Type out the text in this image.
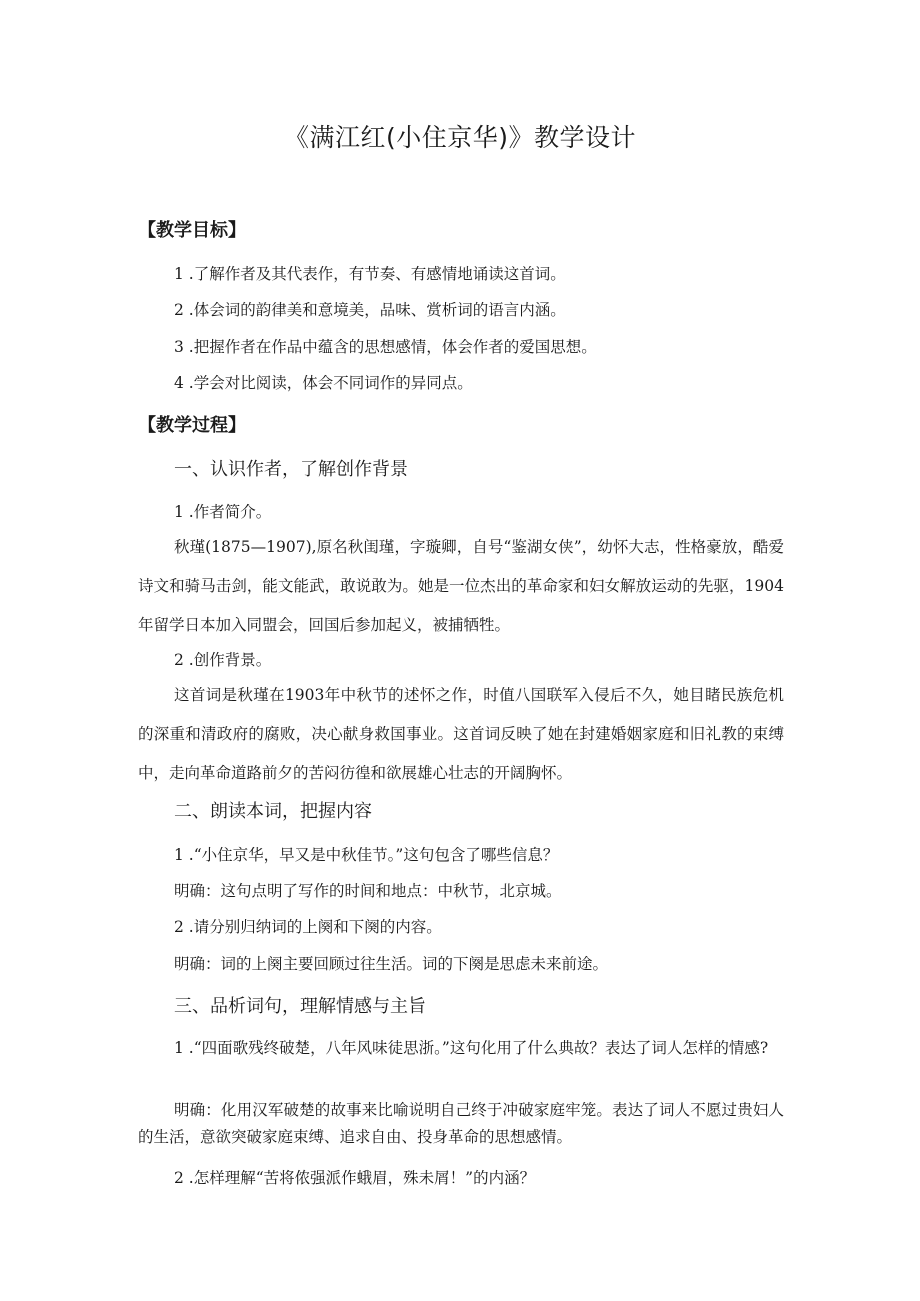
《满江红(小住京华)》教学设计
【教学目标】
1 .了解作者及其代表作，有节奏、有感情地诵读这首词。
2 .体会词的韵律美和意境美，品味、赏析词的语言内涵。
3 .把握作者在作品中蕴含的思想感情，体会作者的爱国思想。
4 .学会对比阅读，体会不同词作的异同点。
【教学过程】
一、认识作者，了解创作背景
1 .作者简介。
秋瑾(1875—1907),原名秋闺瑾，字璇卿，自号“鉴湖女侠”，幼怀大志，性格豪放，酷爱诗文和骑马击剑，能文能武，敢说敢为。她是一位杰出的革命家和妇女解放运动的先驱，1904年留学日本加入同盟会，回国后参加起义，被捕牺牲。
2 .创作背景。
这首词是秋瑾在1903年中秋节的述怀之作，时值八国联军入侵后不久，她目睹民族危机的深重和清政府的腐败，决心献身救国事业。这首词反映了她在封建婚姻家庭和旧礼教的束缚中，走向革命道路前夕的苦闷彷徨和欲展雄心壮志的开阔胸怀。
二、朗读本词，把握内容
1 .“小住京华，早又是中秋佳节。”这句包含了哪些信息？
明确：这句点明了写作的时间和地点：中秋节，北京城。
2 .请分别归纳词的上阕和下阕的内容。
明确：词的上阕主要回顾过往生活。词的下阕是思虑未来前途。
三、品析词句，理解情感与主旨
1 .“四面歌残终破楚，八年风味徒思浙。”这句化用了什么典故？表达了词人怎样的情感?
明确：化用汉军破楚的故事来比喻说明自己终于冲破家庭牢笼。表达了词人不愿过贵妇人的生活，意欲突破家庭束缚、追求自由、投身革命的思想感情。
2 .怎样理解“苦将侬强派作蛾眉，殊未屑！”的内涵？
